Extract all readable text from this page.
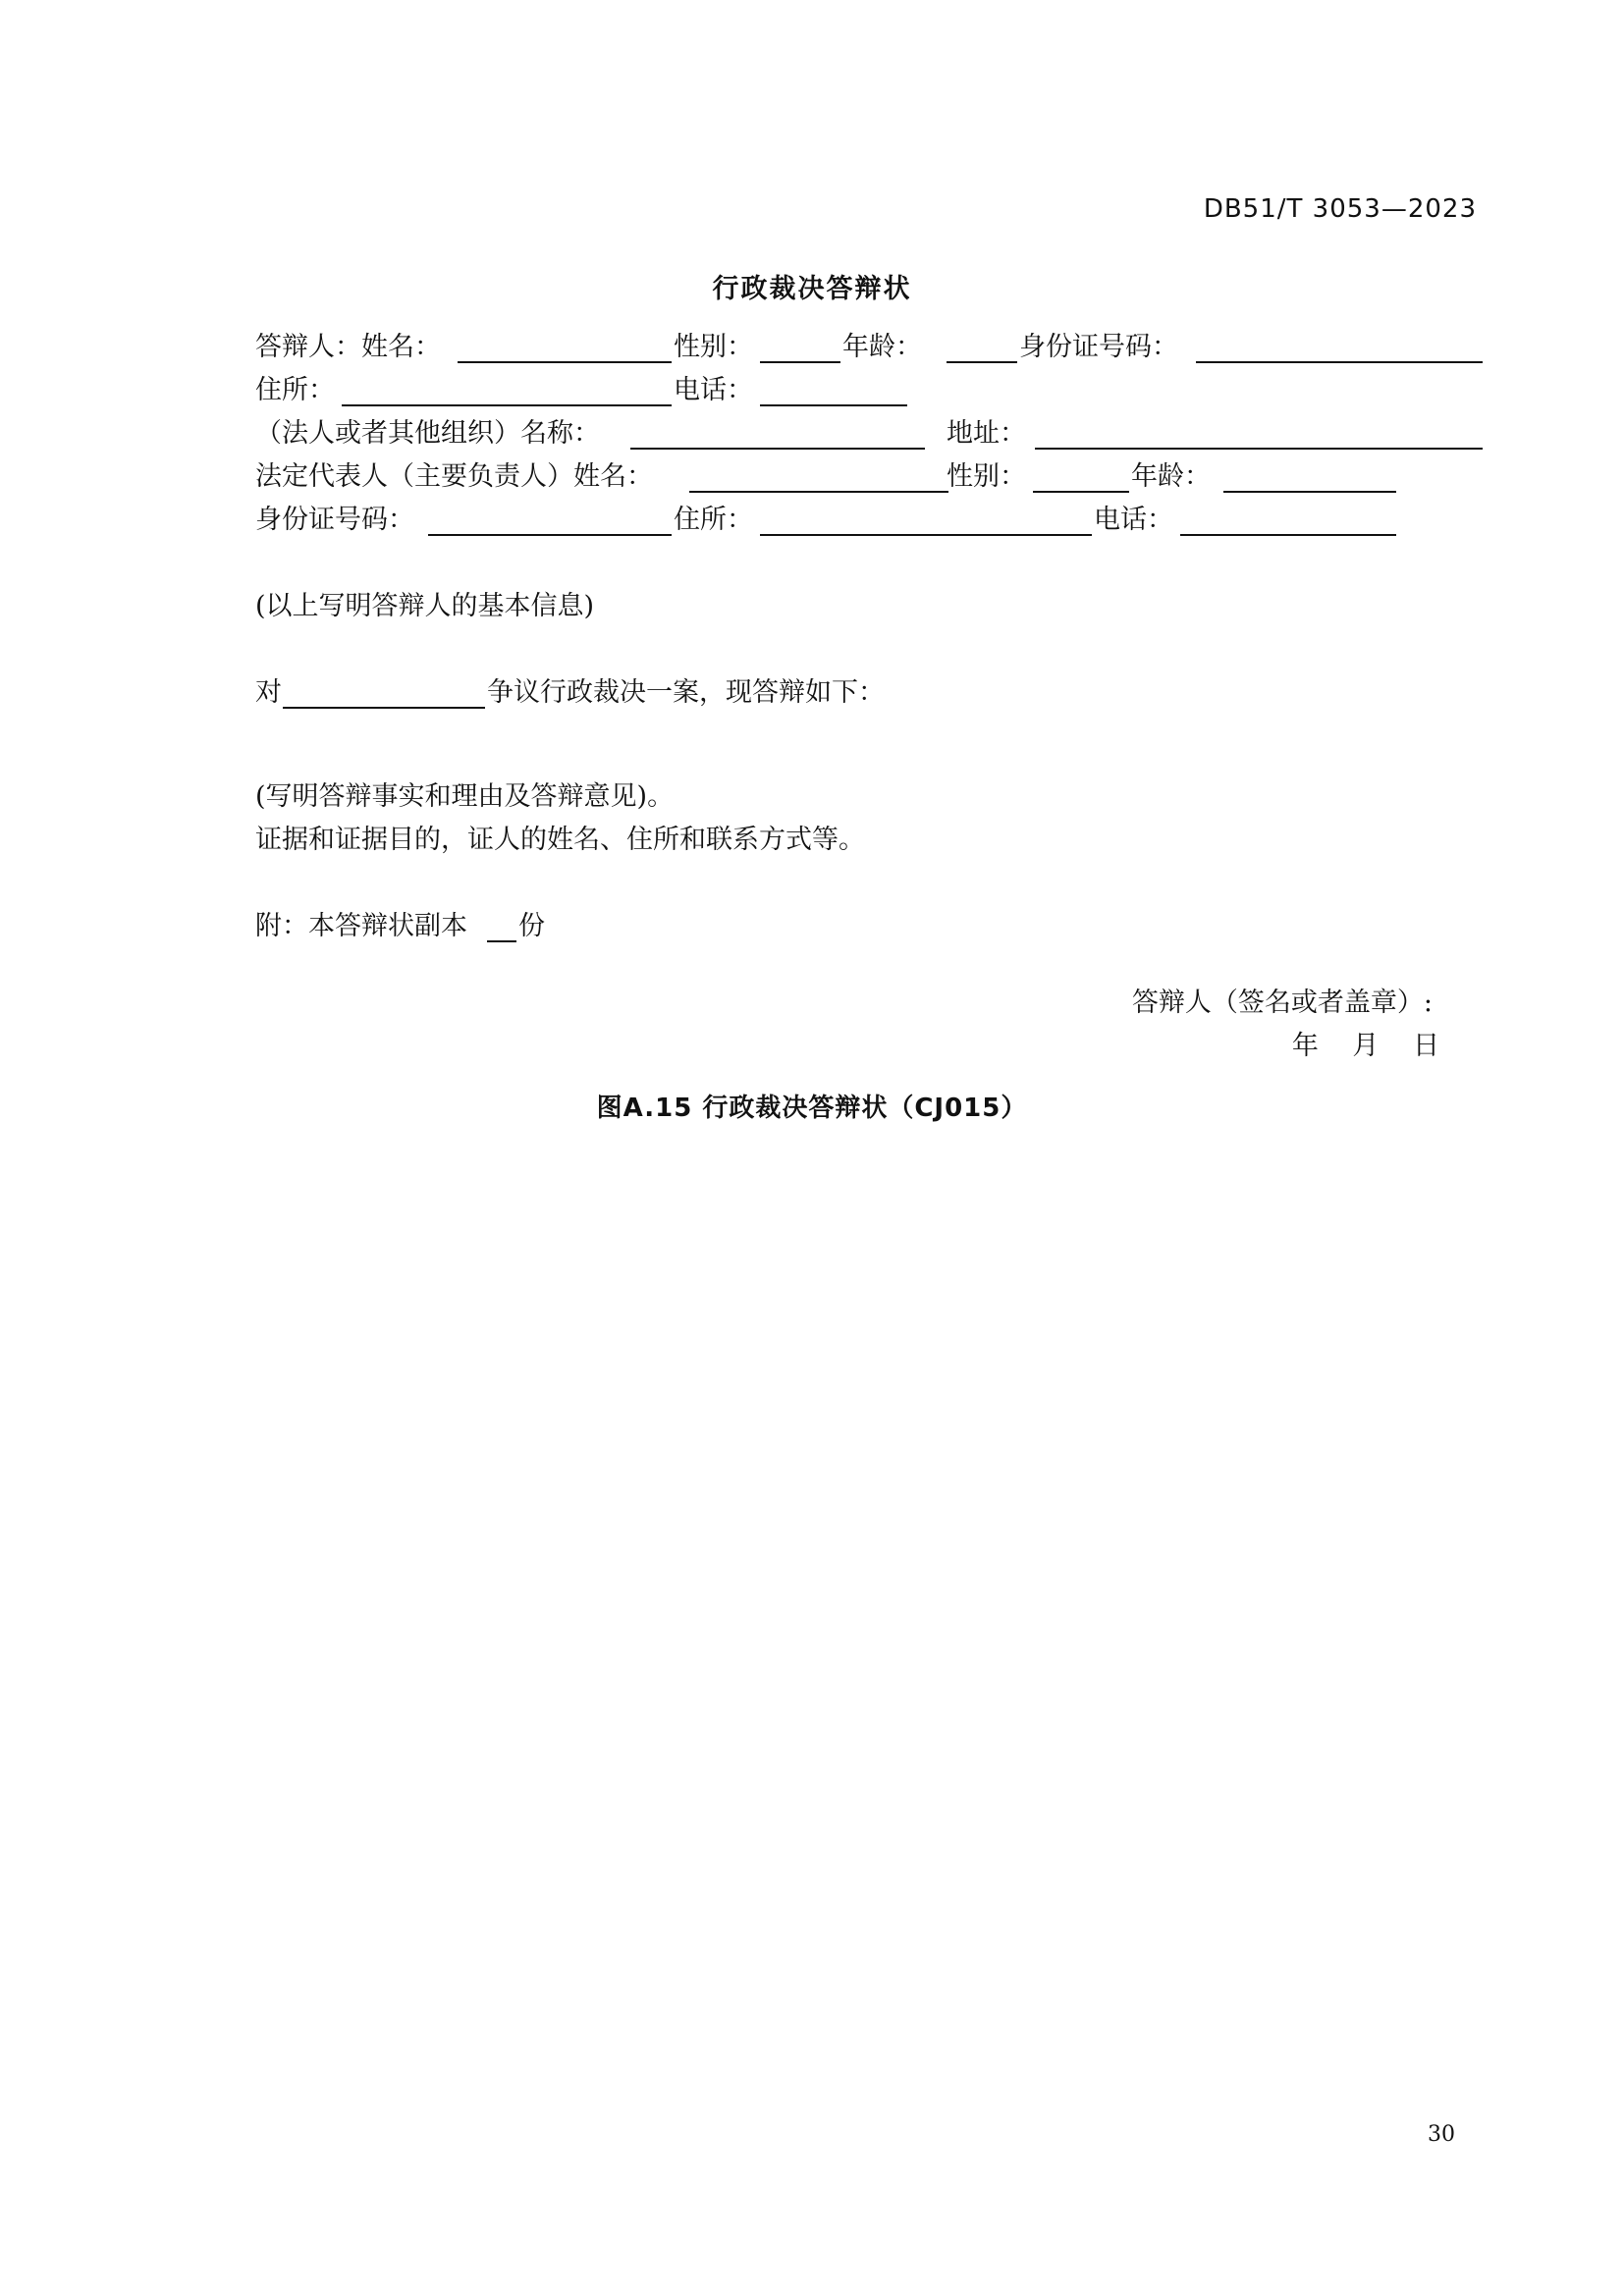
DB51/T 3053—2023
行政裁决答辩状
答辩人：姓名：	性别：	年龄：	身份证号码：
住所：	电话：
（法人或者其他组织）名称：	地址：
法定代表人（主要负责人）姓名：	性别：	年龄：
身份证号码：	住所：	电话：
(以上写明答辩人的基本信息)
对	争议行政裁决一案，现答辩如下：
(写明答辩事实和理由及答辩意见)。
证据和证据目的，证人的姓名、住所和联系方式等。
附：本答辩状副本 份
答辩人（签名或者盖章）:
年 月 日
图A.15 行政裁决答辩状（CJ015）
30
